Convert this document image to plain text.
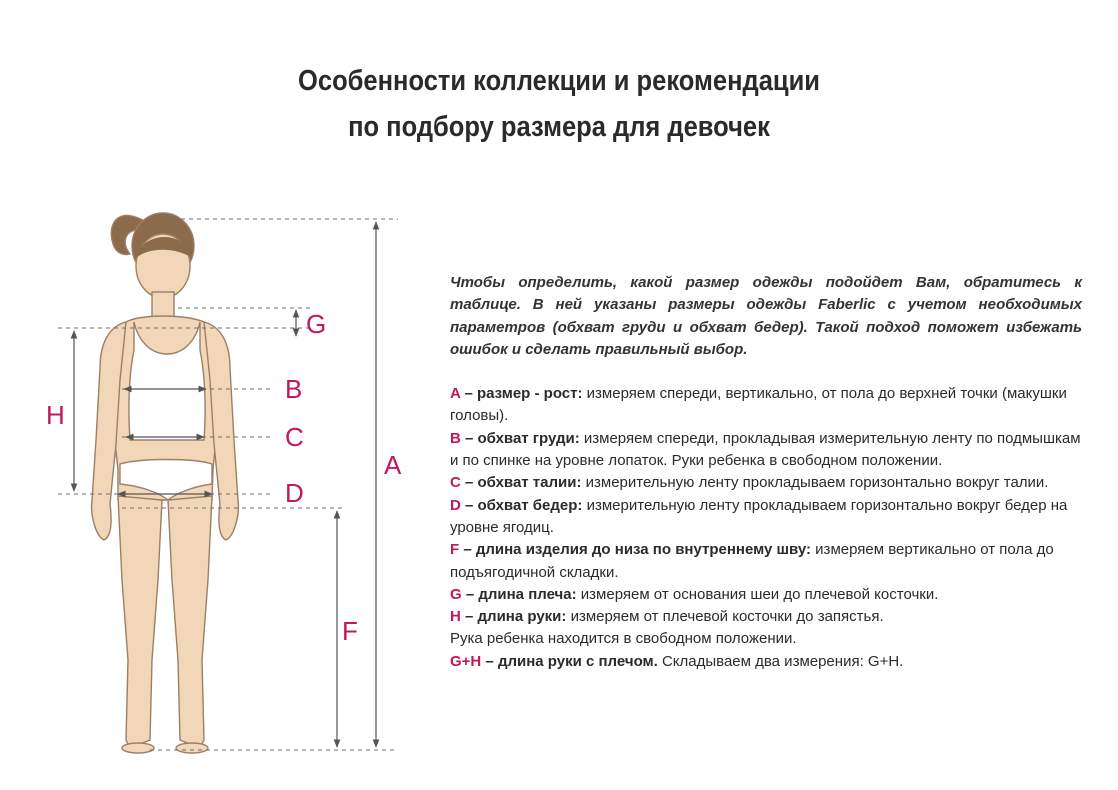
Особенности коллекции и рекомендации
по подбору размера для девочек
G
B
C
D
H
A
F

Чтобы определить, какой размер одежды подойдет Вам, обратитесь к таблице. В ней указаны размеры одежды Faberlic с учетом необходимых параметров (обхват груди и обхват бедер). Такой подход поможет избежать ошибок и сделать правильный выбор.

A – размер - рост: измеряем спереди, вертикально, от пола до верхней точки (макушки головы).

B – обхват груди: измеряем спереди, прокладывая измерительную ленту по подмышкам и по спинке на уровне лопаток. Руки ребенка в свободном положении.

C – обхват талии: измерительную ленту прокладываем горизонтально вокруг талии.

D – обхват бедер: измерительную ленту прокладываем горизонтально вокруг бедер на уровне ягодиц.

F – длина изделия до низа по внутреннему шву: измеряем вертикально от пола до подъягодичной складки.

G – длина плеча: измеряем от основания шеи до плечевой косточки.

H – длина руки: измеряем от плечевой косточки до запястья.

Рука ребенка находится в свободном положении.

G+H – длина руки с плечом. Складываем два измерения: G+H.
